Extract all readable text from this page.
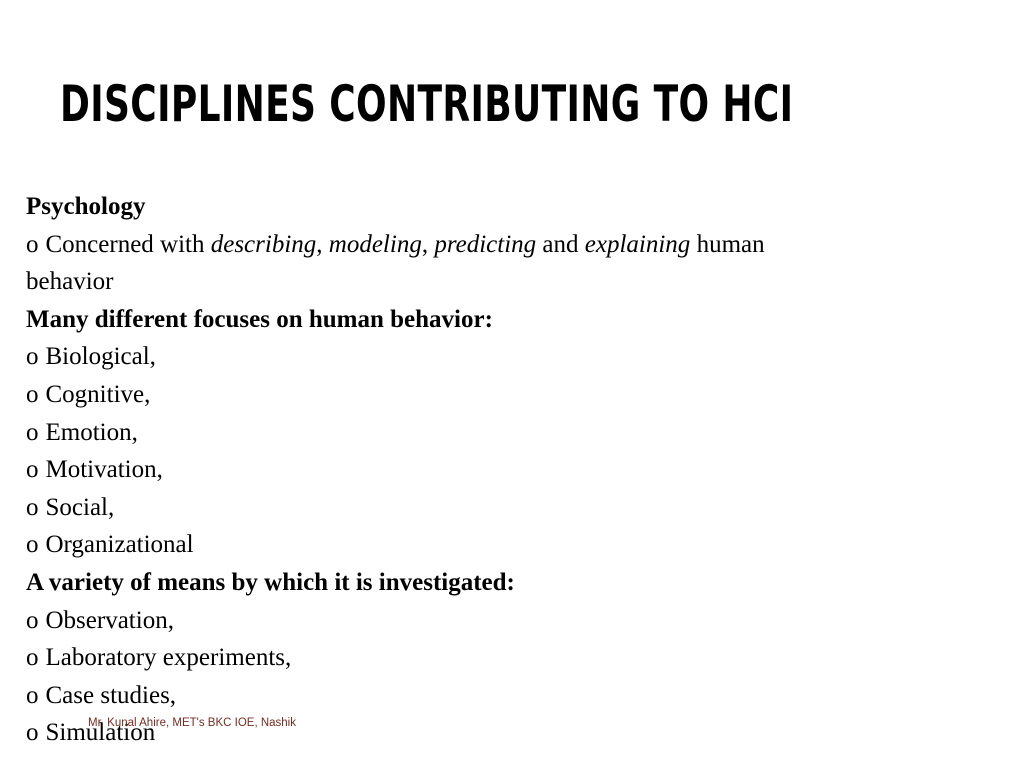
DISCIPLINES CONTRIBUTING TO HCI
Psychology
o Concerned with describing, modeling, predicting and explaining human
behavior
Many different focuses on human behavior:
o Biological,
o Cognitive,
o Emotion,
o Motivation,
o Social,
o Organizational
A variety of means by which it is investigated:
o Observation,
o Laboratory experiments,
o Case studies,
o Simulation
Mr. Kunal Ahire, MET's BKC IOE, Nashik
